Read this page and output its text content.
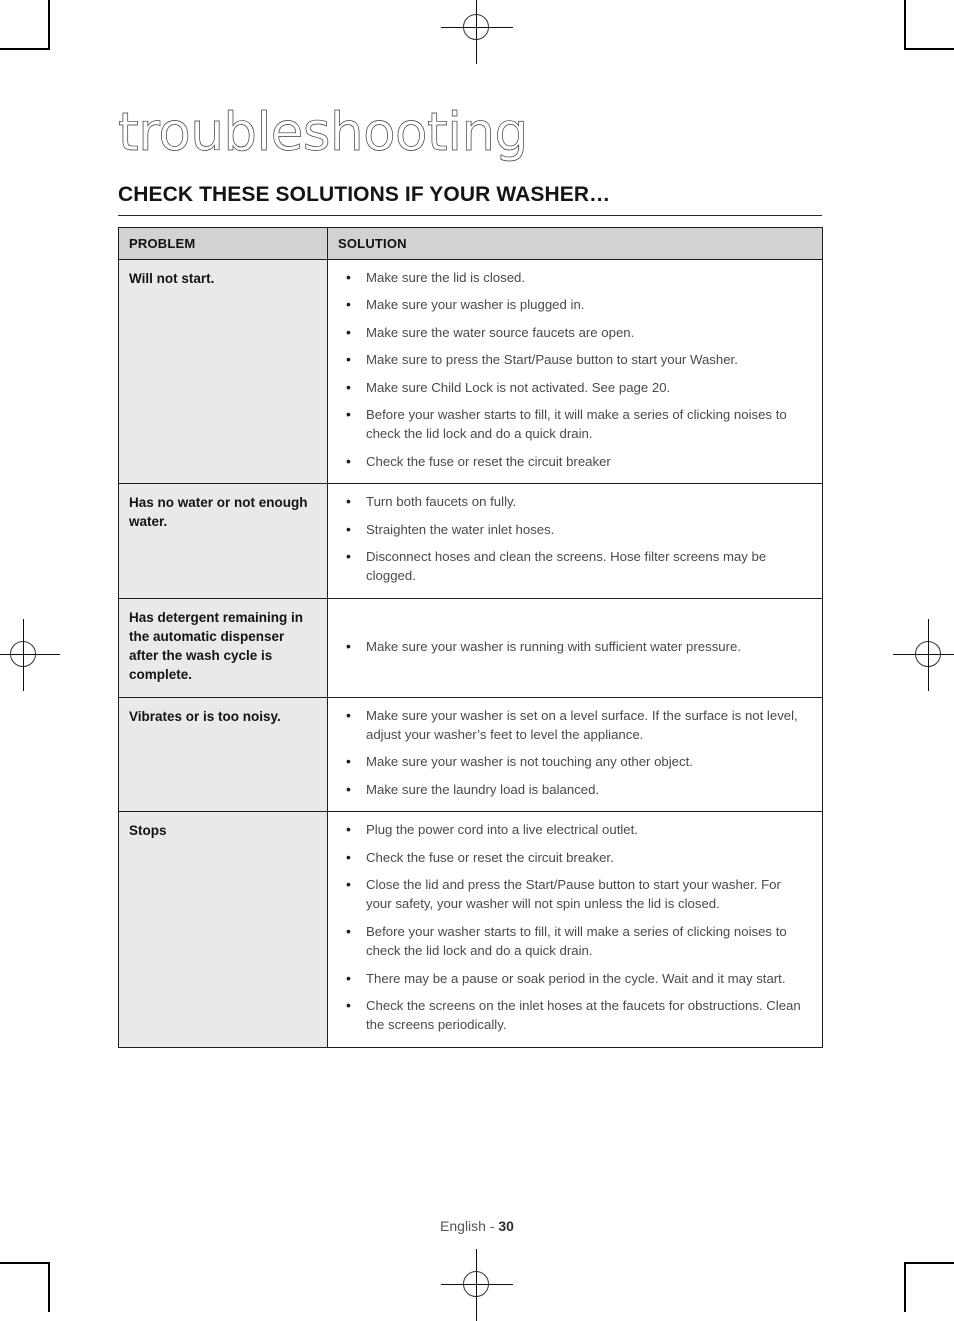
troubleshooting
CHECK THESE SOLUTIONS IF YOUR WASHER…
PROBLEM	SOLUTION
Will not start.	
•Make sure the lid is closed.
• Make sure your washer is plugged in.
• Make sure the water source faucets are open.
• Make sure to press the Start/Pause button to start your Washer.
• Make sure Child Lock is not activated. See page 20.
• Before your washer starts to fill, it will make a series of clicking noises to check the lid lock and do a quick drain.
• Check the fuse or reset the circuit breaker

Has no water or not enough water.	
• Turn both faucets on fully.
• Straighten the water inlet hoses.
• Disconnect hoses and clean the screens. Hose filter screens may be clogged.

Has detergent remaining in the automatic dispenser after the wash cycle is complete.	
• Make sure your washer is running with sufficient water pressure.

Vibrates or is too noisy.	
•Make sure your washer is set on a level surface. If the surface is not level, adjust your washer’s feet to level the appliance.
• Make sure your washer is not touching any other object.
• Make sure the laundry load is balanced.

Stops	
•Plug the power cord into a live electrical outlet.
• Check the fuse or reset the circuit breaker.
• Close the lid and press the Start/Pause button to start your washer. For your safety, your washer will not spin unless the lid is closed.
• Before your washer starts to fill, it will make a series of clicking noises to check the lid lock and do a quick drain.
• There may be a pause or soak period in the cycle. Wait and it may start.
• Check the screens on the inlet hoses at the faucets for obstructions. Clean the screens periodically.
English - 30
